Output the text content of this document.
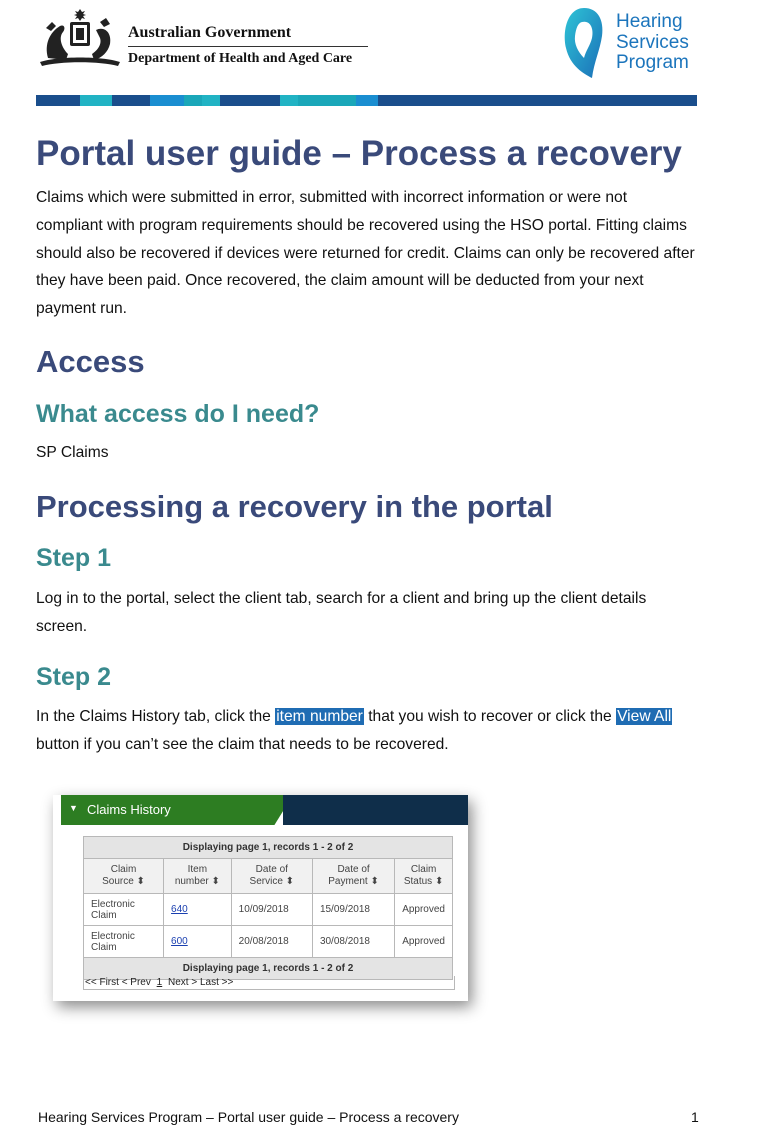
Australian Government
Department of Health and Aged Care
Hearing
Services
Program
Portal user guide – Process a recovery

Claims which were submitted in error, submitted with incorrect information or were not compliant with program requirements should be recovered using the HSO portal. Fitting claims should also be recovered if devices were returned for credit. Claims can only be recovered after they have been paid. Once recovered, the claim amount will be deducted from your next payment run.

Access
What access do I need?

SP Claims

Processing a recovery in the portal
Step 1

Log in to the portal, select the client tab, search for a client and bring up the client details screen.

Step 2

In the Claims History tab, click the item number that you wish to recover or click the View All button if you can’t see the claim that needs to be recovered.

▼ Claims History
Displaying page 1, records 1 - 2 of 2				
Claim
Source ⬍	Item
number ⬍	Date of
Service ⬍	Date of
Payment ⬍	Claim
Status ⬍
Electronic
Claim	640	10/09/2018	15/09/2018	Approved
Electronic
Claim	600	20/08/2018	30/08/2018	Approved
Displaying page 1, records 1 - 2 of 2				
<< First < Prev 1 Next > Last >>
Hearing Services Program – Portal user guide – Process a recovery	1
